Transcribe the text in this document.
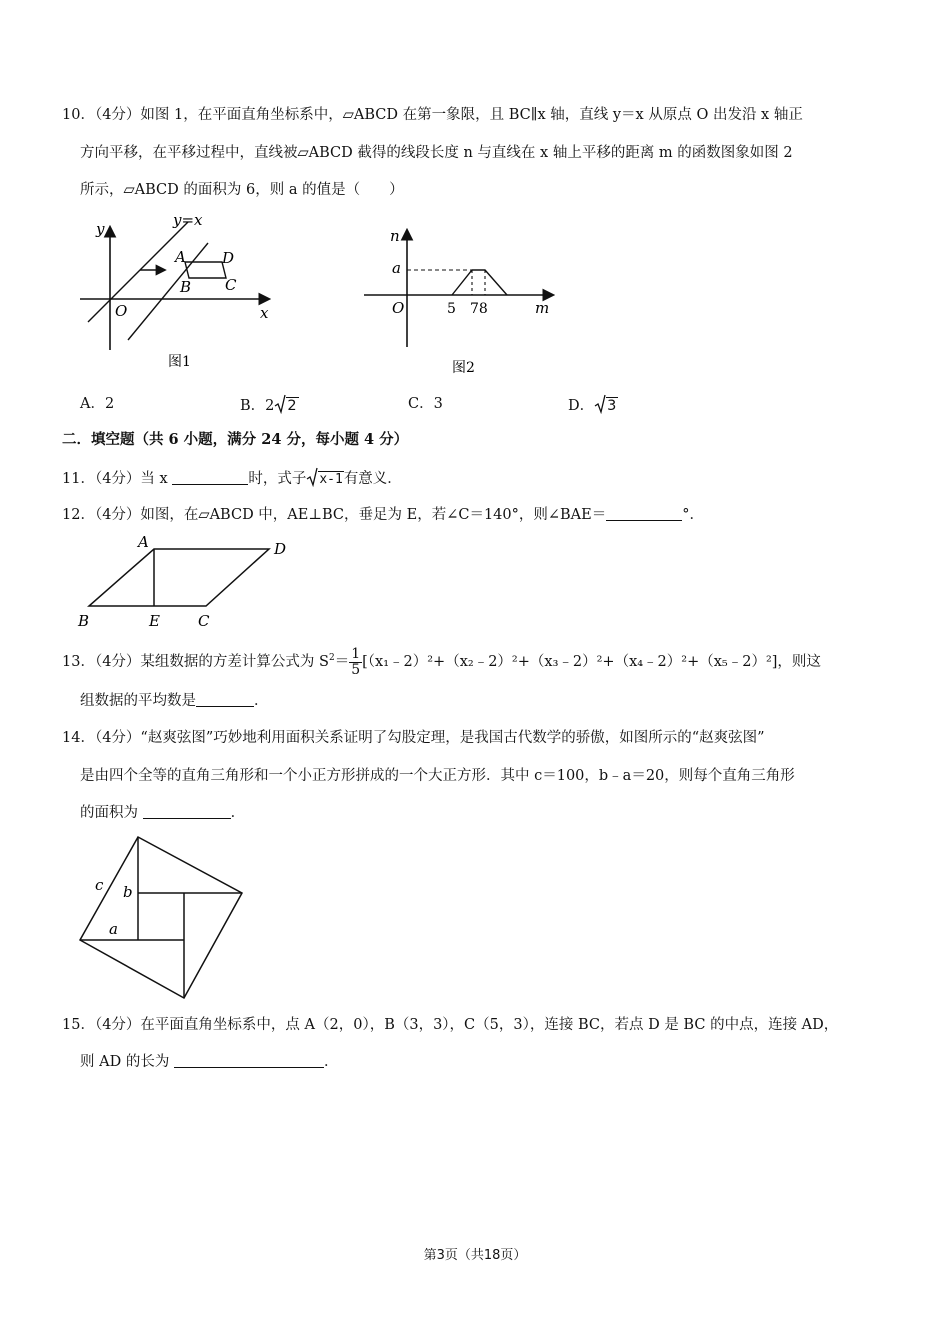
10．（4分）如图 1，在平面直角坐标系中，▱ABCD 在第一象限，且 BC∥x 轴，直线 y＝x 从原点 O 出发沿 x 轴正
方向平移，在平移过程中，直线被▱ABCD 截得的线段长度 n 与直线在 x 轴上平移的距离 m 的函数图象如图 2
所示，▱ABCD 的面积为 6，则 a 的值是（　　）
y	y=x
x
O
A D
B C
图1
n
a
O	5 78	m
图2
A．2	B．2 2	C．3	D． 3
二．填空题（共 6 小题，满分 24 分，每小题 4 分）
11．（4分）当 x	时，式子 x-1有意义．
12．（4分）如图，在▱ABCD 中，AE⊥BC，垂足为 E，若∠C＝140°，则∠BAE＝	°．
A	D
B	E	C
13．（4分）某组数据的方差计算公式为 $S^2= \frac{1}{5}$ [（x₁﹣2）²+（x₂﹣2）²+（x₃﹣2）²+（x₄﹣2）²+（x₅﹣2）²]，则这
组数据的平均数是	．
14．（4分）“赵爽弦图”巧妙地利用面积关系证明了勾股定理，是我国古代数学的骄傲，如图所示的“赵爽弦图”
是由四个全等的直角三角形和一个小正方形拼成的一个大正方形．其中 c＝100，b﹣a＝20，则每个直角三角形
的面积为	．
c b
a
15．（4分）在平面直角坐标系中，点 A（2，0），B（3，3），C（5，3），连接 BC，若点 D 是 BC 的中点，连接 AD，
则 AD 的长为	．
第3页（共18页）
